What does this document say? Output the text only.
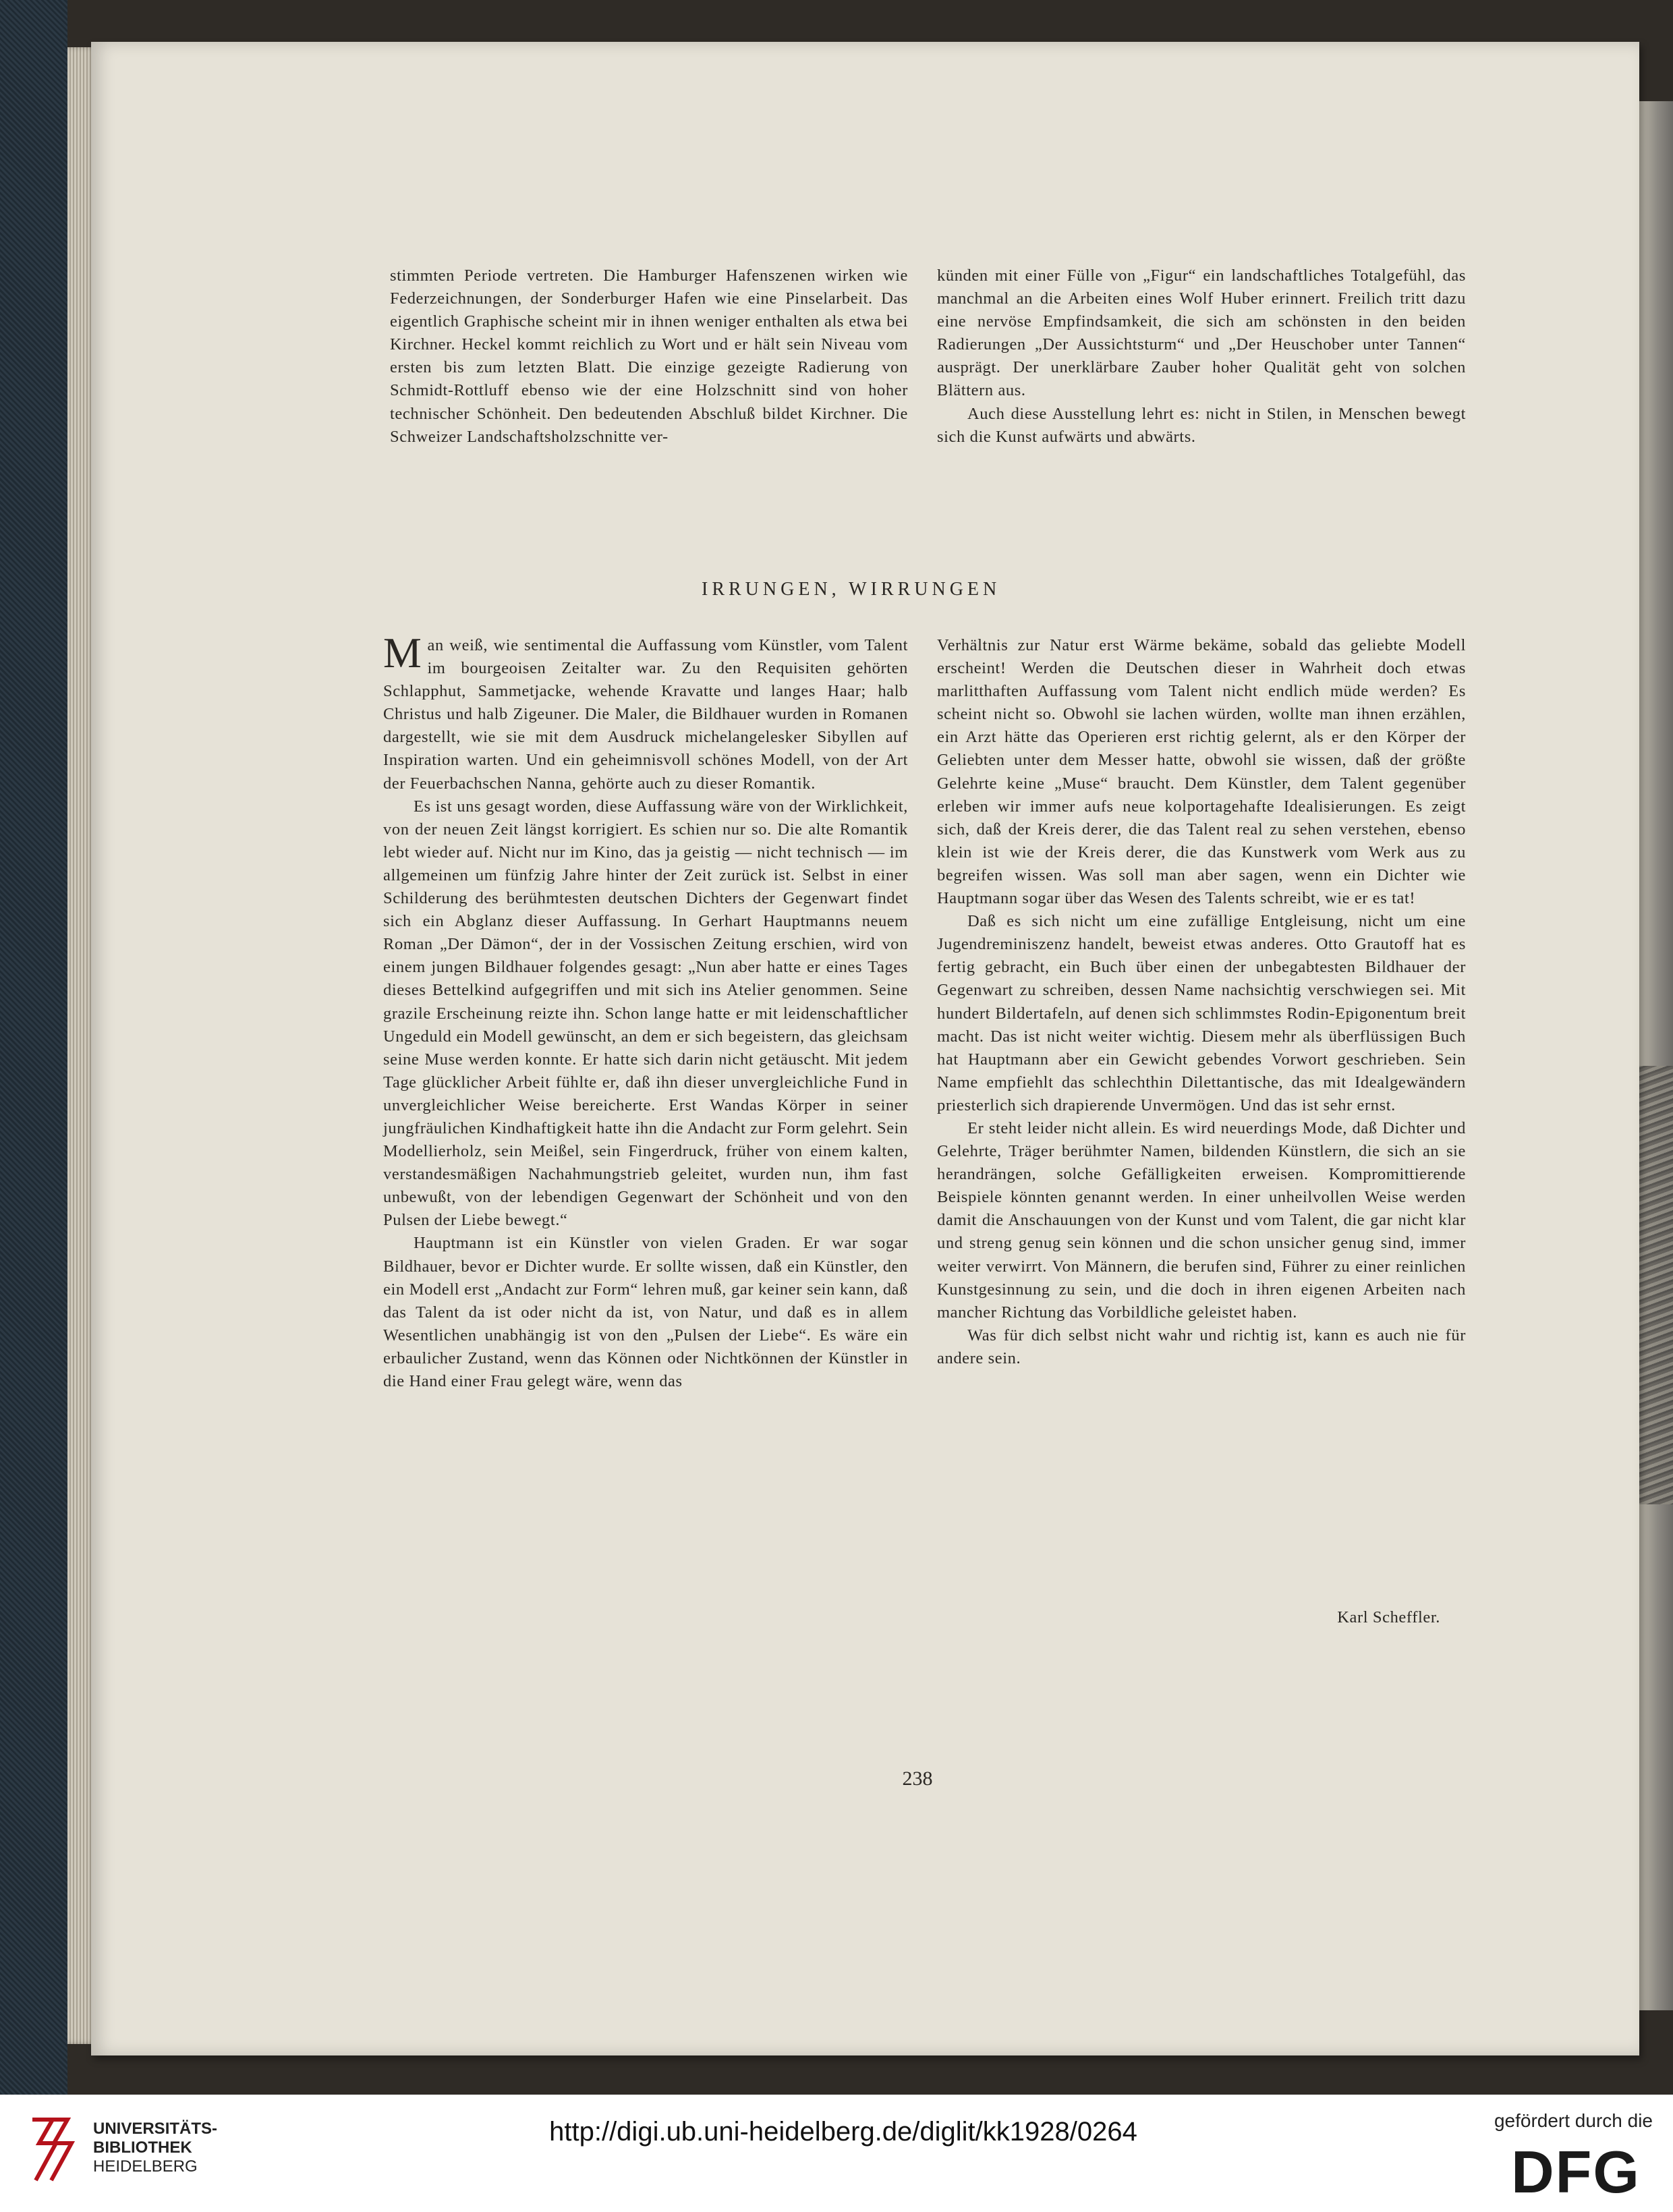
stimmten Periode vertreten. Die Hamburger Hafenszenen wirken wie Federzeichnungen, der Sonderburger Hafen wie eine Pinselarbeit. Das eigentlich Graphische scheint mir in ihnen weniger enthalten als etwa bei Kirchner. Heckel kommt reichlich zu Wort und er hält sein Niveau vom ersten bis zum letzten Blatt. Die einzige gezeigte Radierung von Schmidt-Rottluff ebenso wie der eine Holzschnitt sind von hoher technischer Schönheit. Den bedeutenden Abschluß bildet Kirchner. Die Schweizer Landschaftsholzschnitte ver-

künden mit einer Fülle von „Figur“ ein landschaftliches Totalgefühl, das manchmal an die Arbeiten eines Wolf Huber erinnert. Freilich tritt dazu eine nervöse Empfindsamkeit, die sich am schönsten in den beiden Radierungen „Der Aussichtsturm“ und „Der Heuschober unter Tannen“ ausprägt. Der unerklärbare Zauber hoher Qualität geht von solchen Blättern aus.

Auch diese Ausstellung lehrt es: nicht in Stilen, in Menschen bewegt sich die Kunst aufwärts und abwärts.

IRRUNGEN, WIRRUNGEN

Man weiß, wie sentimental die Auffassung vom Künstler, vom Talent im bourgeoisen Zeitalter war. Zu den Requisiten gehörten Schlapphut, Sammetjacke, wehende Kravatte und langes Haar; halb Christus und halb Zigeuner. Die Maler, die Bildhauer wurden in Romanen dargestellt, wie sie mit dem Ausdruck michelangelesker Sibyllen auf Inspiration warten. Und ein geheimnisvoll schönes Modell, von der Art der Feuerbachschen Nanna, gehörte auch zu dieser Romantik.

Es ist uns gesagt worden, diese Auffassung wäre von der Wirklichkeit, von der neuen Zeit längst korrigiert. Es schien nur so. Die alte Romantik lebt wieder auf. Nicht nur im Kino, das ja geistig — nicht technisch — im allgemeinen um fünfzig Jahre hinter der Zeit zurück ist. Selbst in einer Schilderung des berühmtesten deutschen Dichters der Gegenwart findet sich ein Abglanz dieser Auffassung. In Gerhart Hauptmanns neuem Roman „Der Dämon“, der in der Vossischen Zeitung erschien, wird von einem jungen Bildhauer folgendes gesagt: „Nun aber hatte er eines Tages dieses Bettelkind aufgegriffen und mit sich ins Atelier genommen. Seine grazile Erscheinung reizte ihn. Schon lange hatte er mit leidenschaftlicher Ungeduld ein Modell gewünscht, an dem er sich begeistern, das gleichsam seine Muse werden konnte. Er hatte sich darin nicht getäuscht. Mit jedem Tage glücklicher Arbeit fühlte er, daß ihn dieser unvergleichliche Fund in unvergleichlicher Weise bereicherte. Erst Wandas Körper in seiner jungfräulichen Kindhaftigkeit hatte ihn die Andacht zur Form gelehrt. Sein Modellierholz, sein Meißel, sein Fingerdruck, früher von einem kalten, verstandesmäßigen Nachahmungstrieb geleitet, wurden nun, ihm fast unbewußt, von der lebendigen Gegenwart der Schönheit und von den Pulsen der Liebe bewegt.“

Hauptmann ist ein Künstler von vielen Graden. Er war sogar Bildhauer, bevor er Dichter wurde. Er sollte wissen, daß ein Künstler, den ein Modell erst „Andacht zur Form“ lehren muß, gar keiner sein kann, daß das Talent da ist oder nicht da ist, von Natur, und daß es in allem Wesentlichen unabhängig ist von den „Pulsen der Liebe“. Es wäre ein erbaulicher Zustand, wenn das Können oder Nichtkönnen der Künstler in die Hand einer Frau gelegt wäre, wenn das

Verhältnis zur Natur erst Wärme bekäme, sobald das geliebte Modell erscheint! Werden die Deutschen dieser in Wahrheit doch etwas marlitthaften Auffassung vom Talent nicht endlich müde werden? Es scheint nicht so. Obwohl sie lachen würden, wollte man ihnen erzählen, ein Arzt hätte das Operieren erst richtig gelernt, als er den Körper der Geliebten unter dem Messer hatte, obwohl sie wissen, daß der größte Gelehrte keine „Muse“ braucht. Dem Künstler, dem Talent gegenüber erleben wir immer aufs neue kolportagehafte Idealisierungen. Es zeigt sich, daß der Kreis derer, die das Talent real zu sehen verstehen, ebenso klein ist wie der Kreis derer, die das Kunstwerk vom Werk aus zu begreifen wissen. Was soll man aber sagen, wenn ein Dichter wie Hauptmann sogar über das Wesen des Talents schreibt, wie er es tat!

Daß es sich nicht um eine zufällige Entgleisung, nicht um eine Jugendreminiszenz handelt, beweist etwas anderes. Otto Grautoff hat es fertig gebracht, ein Buch über einen der unbegabtesten Bildhauer der Gegenwart zu schreiben, dessen Name nachsichtig verschwiegen sei. Mit hundert Bildertafeln, auf denen sich schlimmstes Rodin-Epigonentum breit macht. Das ist nicht weiter wichtig. Diesem mehr als überflüssigen Buch hat Hauptmann aber ein Gewicht gebendes Vorwort geschrieben. Sein Name empfiehlt das schlechthin Dilettantische, das mit Idealgewändern priesterlich sich drapierende Unvermögen. Und das ist sehr ernst.

Er steht leider nicht allein. Es wird neuerdings Mode, daß Dichter und Gelehrte, Träger berühmter Namen, bildenden Künstlern, die sich an sie herandrängen, solche Gefälligkeiten erweisen. Kompromittierende Beispiele könnten genannt werden. In einer unheilvollen Weise werden damit die Anschauungen von der Kunst und vom Talent, die gar nicht klar und streng genug sein können und die schon unsicher genug sind, immer weiter verwirrt. Von Männern, die berufen sind, Führer zu einer reinlichen Kunstgesinnung zu sein, und die doch in ihren eigenen Arbeiten nach mancher Richtung das Vorbildliche geleistet haben.

Was für dich selbst nicht wahr und richtig ist, kann es auch nie für andere sein.

Karl Scheffler.
238
UNIVERSITÄTS-
BIBLIOTHEK
HEIDELBERG
http://digi.ub.uni-heidelberg.de/diglit/kk1928/0264	gefördert durch die
DFG
